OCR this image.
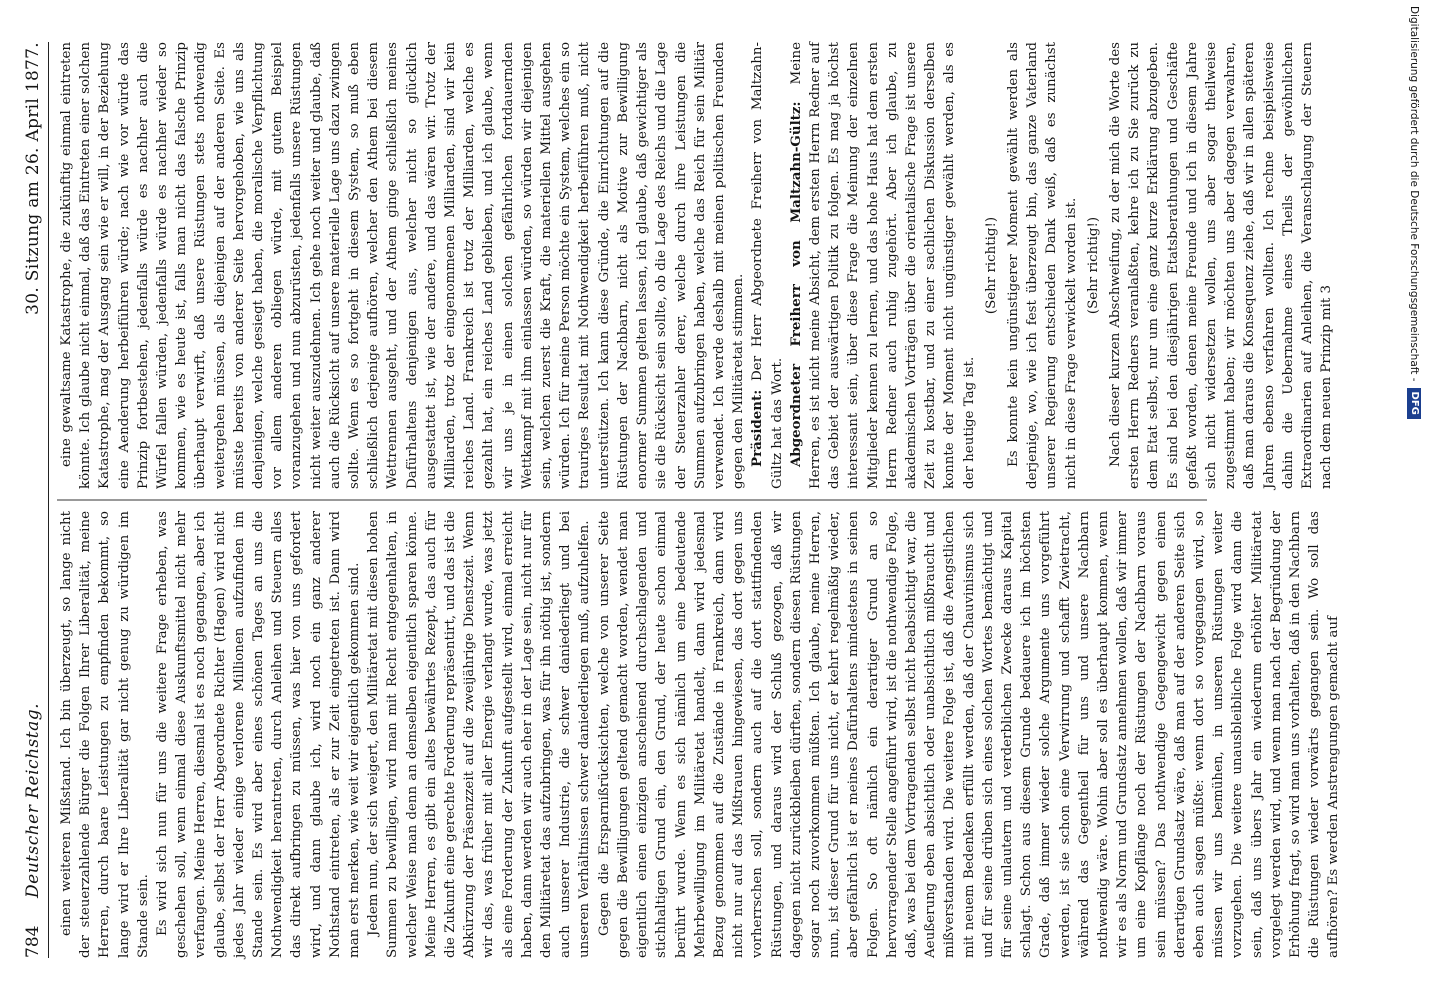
784
Deutscher Reichstag.
30. Sitzung am 26. April 1877.

einen weiteren Mißstand. Ich bin überzeugt, so lange nicht der steuerzahlende Bürger die Folgen Ihrer Liberalität, meine Herren, durch baare Leistungen zu empfinden bekommt, so lange wird er Ihre Liberalität gar nicht genug zu würdigen im Stande sein. Es wird sich nun für uns die weitere Frage erheben, was geschehen soll, wenn einmal diese Auskunftsmittel nicht mehr verfangen. Meine Herren, diesmal ist es noch gegangen, aber ich glaube, selbst der Herr Abgeordnete Richter (Hagen) wird nicht jedes Jahr wieder einige verlorene Millionen aufzufinden im Stande sein. Es wird aber eines schönen Tages an uns die Nothwendigkeit herantreten, durch Anleihen und Steuern alles das direkt aufbringen zu müssen, was hier von uns gefordert wird, und dann glaube ich, wird noch ein ganz anderer Nothstand eintreten, als er zur Zeit eingetreten ist. Dann wird man erst merken, wie weit wir eigentlich gekommen sind. Jedem nun, der sich weigert, den Militäretat mit diesen hohen Summen zu bewilligen, wird man mit Recht entgegenhalten, in welcher Weise man denn an demselben eigentlich sparen könne. Meine Herren, es gibt ein altes bewährtes Rezept, das auch für die Zukunft eine gerechte Forderung repräsentirt, und das ist die Abkürzung der Präsenzzeit auf die zweijährige Dienstzeit. Wenn wir das, was früher mit aller Energie verlangt wurde, was jetzt als eine Forderung der Zukunft aufgestellt wird, einmal erreicht haben, dann werden wir auch eher in der Lage sein, nicht nur für den Militäretat das aufzubringen, was für ihn nöthig ist, sondern auch unserer Industrie, die schwer daniederliegt und bei unseren Verhältnissen schwer daniederliegen muß, aufzuhelfen. Gegen die Ersparnißrücksichten, welche von unserer Seite gegen die Bewilligungen geltend gemacht worden, wendet man eigentlich einen einzigen anscheinend durchschlagenden und stichhaltigen Grund ein, den Grund, der heute schon einmal berührt wurde. Wenn es sich nämlich um eine bedeutende Mehrbewilligung im Militäretat handelt, dann wird jedesmal Bezug genommen auf die Zustände in Frankreich, dann wird nicht nur auf das Mißtrauen hingewiesen, das dort gegen uns vorherrschen soll, sondern auch auf die dort stattfindenden Rüstungen, und daraus wird der Schluß gezogen, daß wir dagegen nicht zurückbleiben dürften, sondern diesen Rüstungen sogar noch zuvorkommen müßten. Ich glaube, meine Herren, nun, ist dieser Grund für uns nicht, er kehrt regelmäßig wieder, aber gefährlich ist er meines Dafürhaltens mindestens in seinen Folgen. So oft nämlich ein derartiger Grund an so hervorragender Stelle angeführt wird, ist die nothwendige Folge, daß, was bei dem Vortragenden selbst nicht beabsichtigt war, die Aeußerung eben absichtlich oder unabsichtlich mißbraucht und mißverstanden wird. Die weitere Folge ist, daß die Aengstlichen mit neuem Bedenken erfüllt werden, daß der Chauvinismus sich und für seine drüben sich eines solchen Wortes bemächtigt und für seine unlautern und verderblichen Zwecke daraus Kapital schlagt. Schon aus diesem Grunde bedauere ich im höchsten Grade, daß immer wieder solche Argumente uns vorgeführt werden, ist sie schon eine Verwirrung und schafft Zwietracht, während das Gegentheil für uns und unsere Nachbarn nothwendig wäre. Wohin aber soll es überhaupt kommen, wenn wir es als Norm und Grundsatz annehmen wollen, daß wir immer um eine Kopflänge noch der Rüstungen der Nachbarn voraus sein müssen? Das nothwendige Gegengewicht gegen einen derartigen Grundsatz wäre, daß man auf der anderen Seite sich eben auch sagen müßte: wenn dort so vorgegangen wird, so müssen wir uns bemühen, in unseren Rüstungen weiter vorzugehen. Die weitere unausbleibliche Folge wird dann die sein, daß uns übers Jahr ein wiederum erhöhter Militäretat vorgelegt werden wird, und wenn man nach der Begründung der Erhöhung fragt, so wird man uns vorhalten, daß in den Nachbarn die Rüstungen wieder vorwärts gegangen sein. Wo soll das aufhören? Es werden Anstrengungen gemacht auf

eine gewaltsame Katastrophe, die zukünftig einmal eintreten könnte. Ich glaube nicht einmal, daß das Eintreten einer solchen Katastrophe, mag der Ausgang sein wie er will, in der Beziehung eine Aenderung herbeiführen würde; nach wie vor würde das Prinzip fortbestehen, jedenfalls würde es nachher auch die Würfel fallen würden, jedenfalls würde es nachher wieder so kommen, wie es heute ist, falls man nicht das falsche Prinzip überhaupt verwirft, daß unsere Rüstungen stets nothwendig weitergehen müssen, als diejenigen auf der anderen Seite. Es müsste bereits von anderer Seite hervorgehoben, wie uns als denjenigen, welche gesiegt haben, die moralische Verpflichtung vor allem anderen obliegen würde, mit gutem Beispiel voranzugehen und nun abzurüsten, jedenfalls unsere Rüstungen nicht weiter auszudehnen. Ich gehe noch weiter und glaube, daß auch die Rücksicht auf unsere materielle Lage uns dazu zwingen sollte. Wenn es so fortgeht in diesem System, so muß eben schließlich derjenige aufhören, welcher den Athem bei diesem Wettrennen ausgeht, und der Athem ginge schließlich meines Dafürhaltens denjenigen aus, welcher nicht so glücklich ausgestattet ist, wie der andere, und das wären wir. Trotz der Milliarden, trotz der eingenommenen Milliarden, sind wir kein reiches Land. Frankreich ist trotz der Milliarden, welche es gezahlt hat, ein reiches Land geblieben, und ich glaube, wenn wir uns je in einen solchen gefährlichen fortdauernden Wettkampf mit ihm einlassen würden, so würden wir diejenigen sein, welchen zuerst die Kraft, die materiellen Mittel ausgehen würden. Ich für meine Person möchte ein System, welches ein so trauriges Resultat mit Nothwendigkeit herbeiführen muß, nicht unterstützen. Ich kann diese Gründe, die Einrichtungen auf die Rüstungen der Nachbarn, nicht als Motive zur Bewilligung enormer Summen gelten lassen, ich glaube, daß gewichtiger als sie die Rücksicht sein sollte, ob die Lage des Reichs und die Lage der Steuerzahler derer, welche durch ihre Leistungen die Summen aufzubringen haben, welche das Reich für sein Militär verwendet. Ich werde deshalb mit meinen politischen Freunden gegen den Militäretat stimmen. Präsident: Der Herr Abgeordnete Freiherr von Maltzahn-Gültz hat das Wort. Abgeordneter Freiherr von Maltzahn-Gültz: Meine Herren, es ist nicht meine Absicht, dem ersten Herrn Redner auf das Gebiet der auswärtigen Politik zu folgen. Es mag ja höchst interessant sein, über diese Frage die Meinung der einzelnen Mitglieder kennen zu lernen, und das hohe Haus hat dem ersten Herrn Redner auch ruhig zugehört. Aber ich glaube, zu akademischen Vorträgen über die orientalische Frage ist unsere Zeit zu kostbar, und zu einer sachlichen Diskussion derselben konnte der Moment nicht ungünstiger gewählt werden, als es der heutige Tag ist.

(Sehr richtig!) Es konnte kein ungünstigerer Moment gewählt werden als derjenige, wo, wie ich fest überzeugt bin, das ganze Vaterland unserer Regierung entschieden Dank weiß, daß es zunächst nicht in diese Frage verwickelt worden ist. (Sehr richtig!) Nach dieser kurzen Abschweifung, zu der mich die Worte des ersten Herrn Redners veranlaßten, kehre ich zu Sie zurück zu dem Etat selbst, nur um eine ganz kurze Erklärung abzugeben. Es sind bei den diesjährigen Etatsberathungen und Geschäfte gefaßt worden, denen meine Freunde und ich in diesem Jahre sich nicht widersetzen wollen, uns aber sogar theilweise zugestimmt haben; wir möchten uns aber dagegen verwahren, daß man daraus die Konsequenz ziehe, daß wir in allen späteren Jahren ebenso verfahren wollten. Ich rechne beispielsweise dahin die Uebernahme eines Theils der gewöhnlichen Extraordinarien auf Anleihen, die Veranschlagung der Steuern nach dem neuen Prinzip mit 3

Digitalisierung gefördert durch die Deutsche Forschungsgemeinschaft -
DFG
